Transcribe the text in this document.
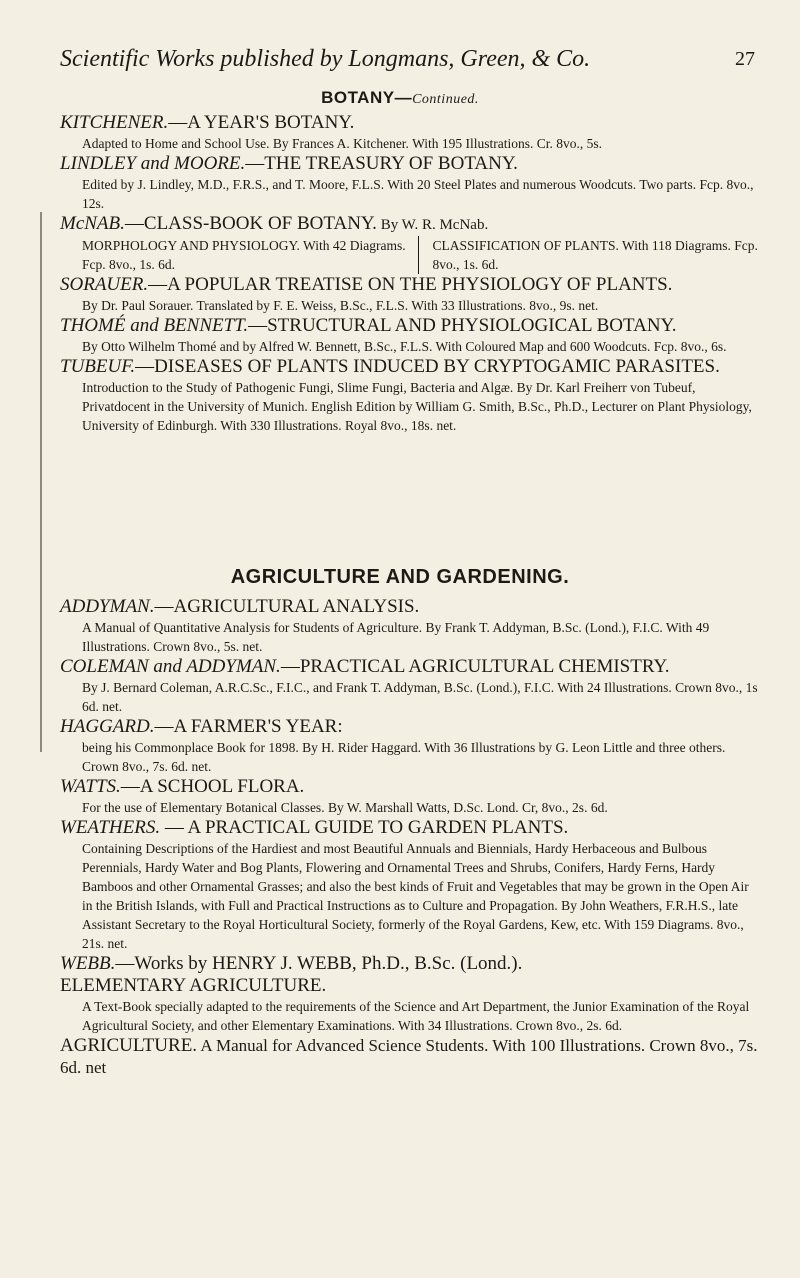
Scientific Works published by Longmans, Green, & Co.	27
BOTANY—Continued.

KITCHENER.—A YEAR'S BOTANY.
Adapted to Home and School Use. By Frances A. Kitchener. With 195 Illustrations. Cr. 8vo., 5s.

LINDLEY and MOORE.—THE TREASURY OF BOTANY.
Edited by J. Lindley, M.D., F.R.S., and T. Moore, F.L.S. With 20 Steel Plates and numerous Woodcuts. Two parts. Fcp. 8vo., 12s.

McNAB.—CLASS-BOOK OF BOTANY. By W. R. McNab.
MORPHOLOGY AND PHYSIOLOGY. With 42 Diagrams. Fcp. 8vo., 1s. 6d.
CLASSIFICATION OF PLANTS. With 118 Diagrams. Fcp. 8vo., 1s. 6d.

SORAUER.—A POPULAR TREATISE ON THE PHYSIOLOGY OF PLANTS.
By Dr. Paul Sorauer. Translated by F. E. Weiss, B.Sc., F.L.S. With 33 Illustrations. 8vo., 9s. net.

THOMÉ and BENNETT.—STRUCTURAL AND PHYSIOLOGICAL BOTANY.
By Otto Wilhelm Thomé and by Alfred W. Bennett, B.Sc., F.L.S. With Coloured Map and 600 Woodcuts. Fcp. 8vo., 6s.

TUBEUF.—DISEASES OF PLANTS INDUCED BY CRYPTOGAMIC PARASITES.
Introduction to the Study of Pathogenic Fungi, Slime Fungi, Bacteria and Algæ. By Dr. Karl Freiherr von Tubeuf, Privatdocent in the University of Munich. English Edition by William G. Smith, B.Sc., Ph.D., Lecturer on Plant Physiology, University of Edinburgh. With 330 Illustrations. Royal 8vo., 18s. net.

AGRICULTURE AND GARDENING.

ADDYMAN.—AGRICULTURAL ANALYSIS.
A Manual of Quantitative Analysis for Students of Agriculture. By Frank T. Addyman, B.Sc. (Lond.), F.I.C. With 49 Illustrations. Crown 8vo., 5s. net.

COLEMAN and ADDYMAN.—PRACTICAL AGRICULTURAL CHEMISTRY.
By J. Bernard Coleman, A.R.C.Sc., F.I.C., and Frank T. Addyman, B.Sc. (Lond.), F.I.C. With 24 Illustrations. Crown 8vo., 1s 6d. net.

HAGGARD.—A FARMER'S YEAR:
being his Commonplace Book for 1898. By H. Rider Haggard. With 36 Illustrations by G. Leon Little and three others. Crown 8vo., 7s. 6d. net.

WATTS.—A SCHOOL FLORA.
For the use of Elementary Botanical Classes. By W. Marshall Watts, D.Sc. Lond. Cr, 8vo., 2s. 6d.

WEATHERS. — A PRACTICAL GUIDE TO GARDEN PLANTS.
Containing Descriptions of the Hardiest and most Beautiful Annuals and Biennials, Hardy Herbaceous and Bulbous Perennials, Hardy Water and Bog Plants, Flowering and Ornamental Trees and Shrubs, Conifers, Hardy Ferns, Hardy Bamboos and other Ornamental Grasses; and also the best kinds of Fruit and Vegetables that may be grown in the Open Air in the British Islands, with Full and Practical Instructions as to Culture and Propagation. By John Weathers, F.R.H.S., late Assistant Secretary to the Royal Horticultural Society, formerly of the Royal Gardens, Kew, etc. With 159 Diagrams. 8vo., 21s. net.

WEBB.—Works by HENRY J. WEBB, Ph.D., B.Sc. (Lond.).

ELEMENTARY AGRICULTURE.
A Text-Book specially adapted to the requirements of the Science and Art Department, the Junior Examination of the Royal Agricultural Society, and other Elementary Examinations. With 34 Illustrations. Crown 8vo., 2s. 6d.

AGRICULTURE. A Manual for Advanced Science Students. With 100 Illustrations. Crown 8vo., 7s. 6d. net
